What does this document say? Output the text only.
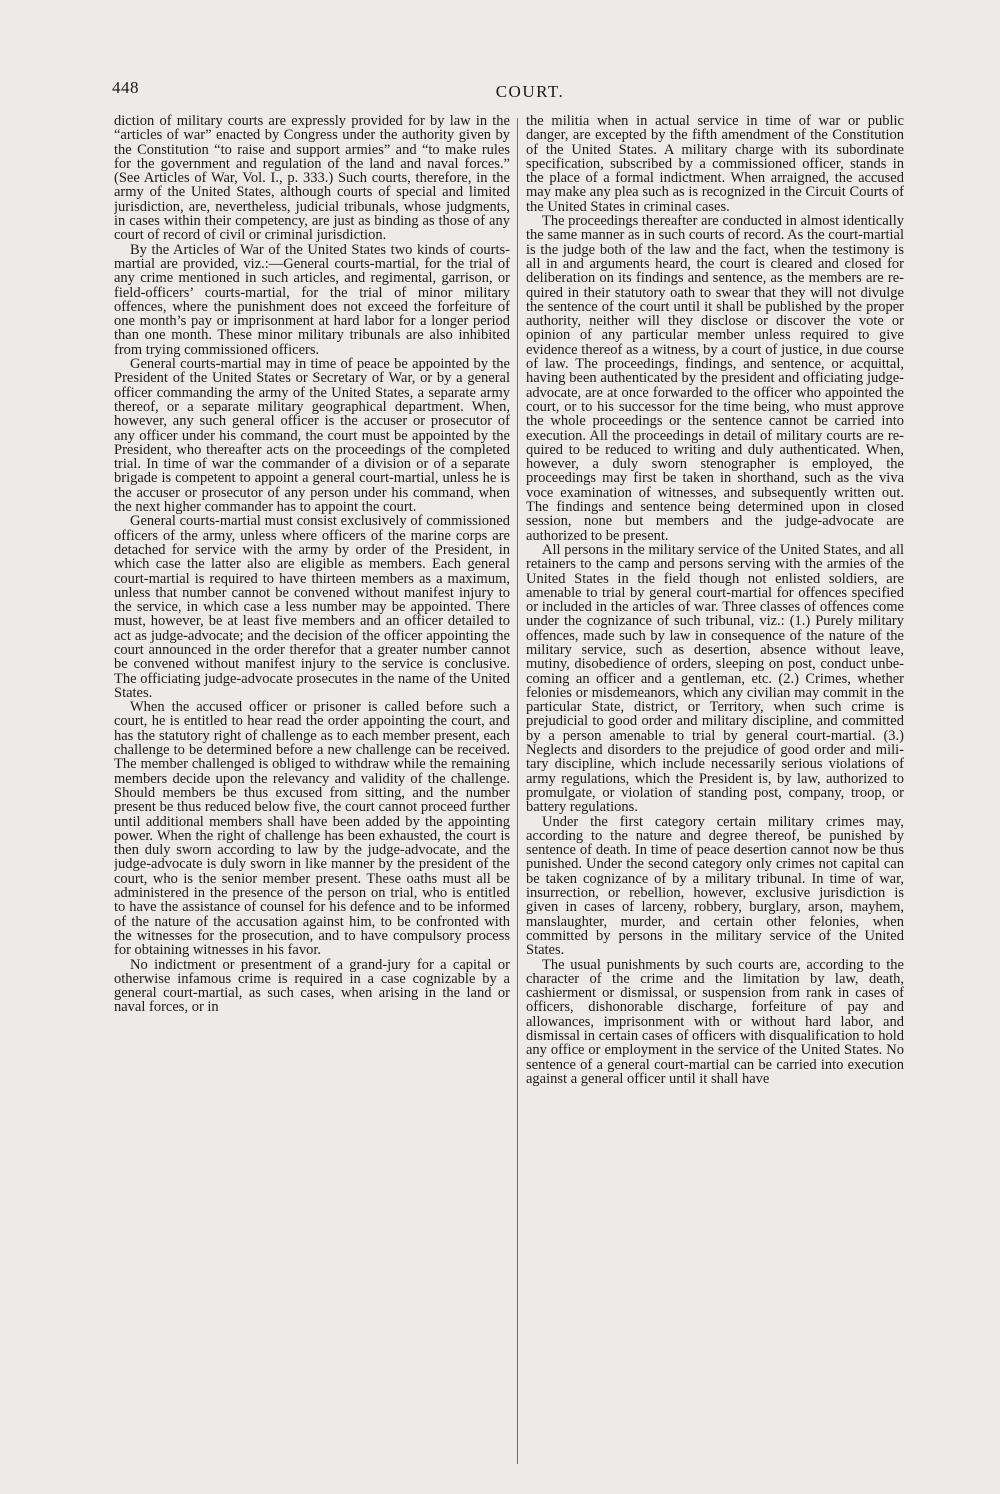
448	COURT.

diction of military courts are expressly provided for by law in the “articles of war” enacted by Congress under the authority given by the Constitution “to raise and support armies” and “to make rules for the government and regulation of the land and naval forces.” (See Articles of War, Vol. I., p. 333.) Such courts, therefore, in the army of the United States, although courts of special and limited jurisdiction, are, nevertheless, judicial tribunals, whose judgments, in cases within their competency, are just as binding as those of any court of record of civil or criminal jurisdiction.

By the Articles of War of the United States two kinds of courts-martial are provided, viz.:—General courts-martial, for the trial of any crime mentioned in such articles, and regimental, garrison, or field-officers’ courts-martial, for the trial of minor military offences, where the punishment does not exceed the forfeiture of one month’s pay or imprisonment at hard labor for a longer period than one month. These minor military tribunals are also inhibited from trying commissioned officers.

General courts-martial may in time of peace be appointed by the President of the United States or Secretary of War, or by a general officer commanding the army of the United States, a separate army thereof, or a separate military geographical department. When, however, any such general officer is the accuser or prosecutor of any officer under his command, the court must be appointed by the President, who thereafter acts on the proceedings of the completed trial. In time of war the commander of a division or of a separate brigade is competent to appoint a general court-martial, unless he is the accuser or prosecutor of any person under his command, when the next higher commander has to appoint the court.

General courts-martial must consist exclusively of commissioned officers of the army, unless where officers of the marine corps are detached for service with the army by order of the President, in which case the latter also are eligible as members. Each general court-martial is required to have thirteen members as a maximum, unless that number cannot be convened without manifest injury to the service, in which case a less number may be appointed. There must, however, be at least five members and an officer detailed to act as judge-advocate; and the decision of the officer appointing the court announced in the order therefor that a greater number cannot be convened without manifest injury to the service is conclusive. The officiating judge-advocate prosecutes in the name of the United States.

When the accused officer or prisoner is called before such a court, he is entitled to hear read the order appointing the court, and has the statutory right of challenge as to each member present, each challenge to be determined before a new challenge can be received. The member challenged is obliged to withdraw while the remaining members decide upon the relevancy and validity of the challenge. Should members be thus excused from sitting, and the number present be thus reduced below five, the court cannot proceed further until additional members shall have been added by the appointing power. When the right of challenge has been exhausted, the court is then duly sworn according to law by the judge-advocate, and the judge-advocate is duly sworn in like manner by the president of the court, who is the senior member present. These oaths must all be administered in the presence of the person on trial, who is entitled to have the assistance of counsel for his defence and to be informed of the nature of the accusation against him, to be confronted with the witnesses for the prosecution, and to have compulsory process for obtaining witnesses in his favor.

No indictment or presentment of a grand-jury for a capital or otherwise infamous crime is required in a case cognizable by a general court-martial, as such cases, when arising in the land or naval forces, or in

the militia when in actual service in time of war or public danger, are excepted by the fifth amendment of the Constitution of the United States. A military charge with its subordinate specification, subscribed by a commissioned officer, stands in the place of a formal indictment. When arraigned, the accused may make any plea such as is recognized in the Circuit Courts of the United States in criminal cases.

The proceedings thereafter are conducted in almost identically the same manner as in such courts of record. As the court-martial is the judge both of the law and the fact, when the testimony is all in and arguments heard, the court is cleared and closed for deliberation on its findings and sentence, as the members are required in their statutory oath to swear that they will not divulge the sentence of the court until it shall be published by the proper authority, neither will they disclose or discover the vote or opinion of any particular member unless required to give evidence thereof as a witness, by a court of justice, in due course of law. The proceedings, findings, and sentence, or acquittal, having been authenticated by the president and officiating judge-advocate, are at once forwarded to the officer who appointed the court, or to his successor for the time being, who must approve the whole proceedings or the sentence cannot be carried into execution. All the proceedings in detail of military courts are required to be reduced to writing and duly authenticated. When, however, a duly sworn stenographer is employed, the proceedings may first be taken in shorthand, such as the viva voce examination of witnesses, and subsequently written out. The findings and sentence being determined upon in closed session, none but members and the judge-advocate are authorized to be present.

All persons in the military service of the United States, and all retainers to the camp and persons serving with the armies of the United States in the field though not enlisted soldiers, are amenable to trial by general court-martial for offences specified or included in the articles of war. Three classes of offences come under the cognizance of such tribunal, viz.: (1.) Purely military offences, made such by law in consequence of the nature of the military service, such as desertion, absence without leave, mutiny, disobedience of orders, sleeping on post, conduct unbecoming an officer and a gentleman, etc. (2.) Crimes, whether felonies or misdemeanors, which any civilian may commit in the particular State, district, or Territory, when such crime is prejudicial to good order and military discipline, and committed by a person amenable to trial by general court-martial. (3.) Neglects and disorders to the prejudice of good order and military discipline, which include necessarily serious violations of army regulations, which the President is, by law, authorized to promulgate, or violation of standing post, company, troop, or battery regulations.

Under the first category certain military crimes may, according to the nature and degree thereof, be punished by sentence of death. In time of peace desertion cannot now be thus punished. Under the second category only crimes not capital can be taken cognizance of by a military tribunal. In time of war, insurrection, or rebellion, however, exclusive jurisdiction is given in cases of larceny, robbery, burglary, arson, mayhem, manslaughter, murder, and certain other felonies, when committed by persons in the military service of the United States.

The usual punishments by such courts are, according to the character of the crime and the limitation by law, death, cashierment or dismissal, or suspension from rank in cases of officers, dishonorable discharge, forfeiture of pay and allowances, imprisonment with or without hard labor, and dismissal in certain cases of officers with disqualification to hold any office or employment in the service of the United States. No sentence of a general court-martial can be carried into execution against a general officer until it shall have
